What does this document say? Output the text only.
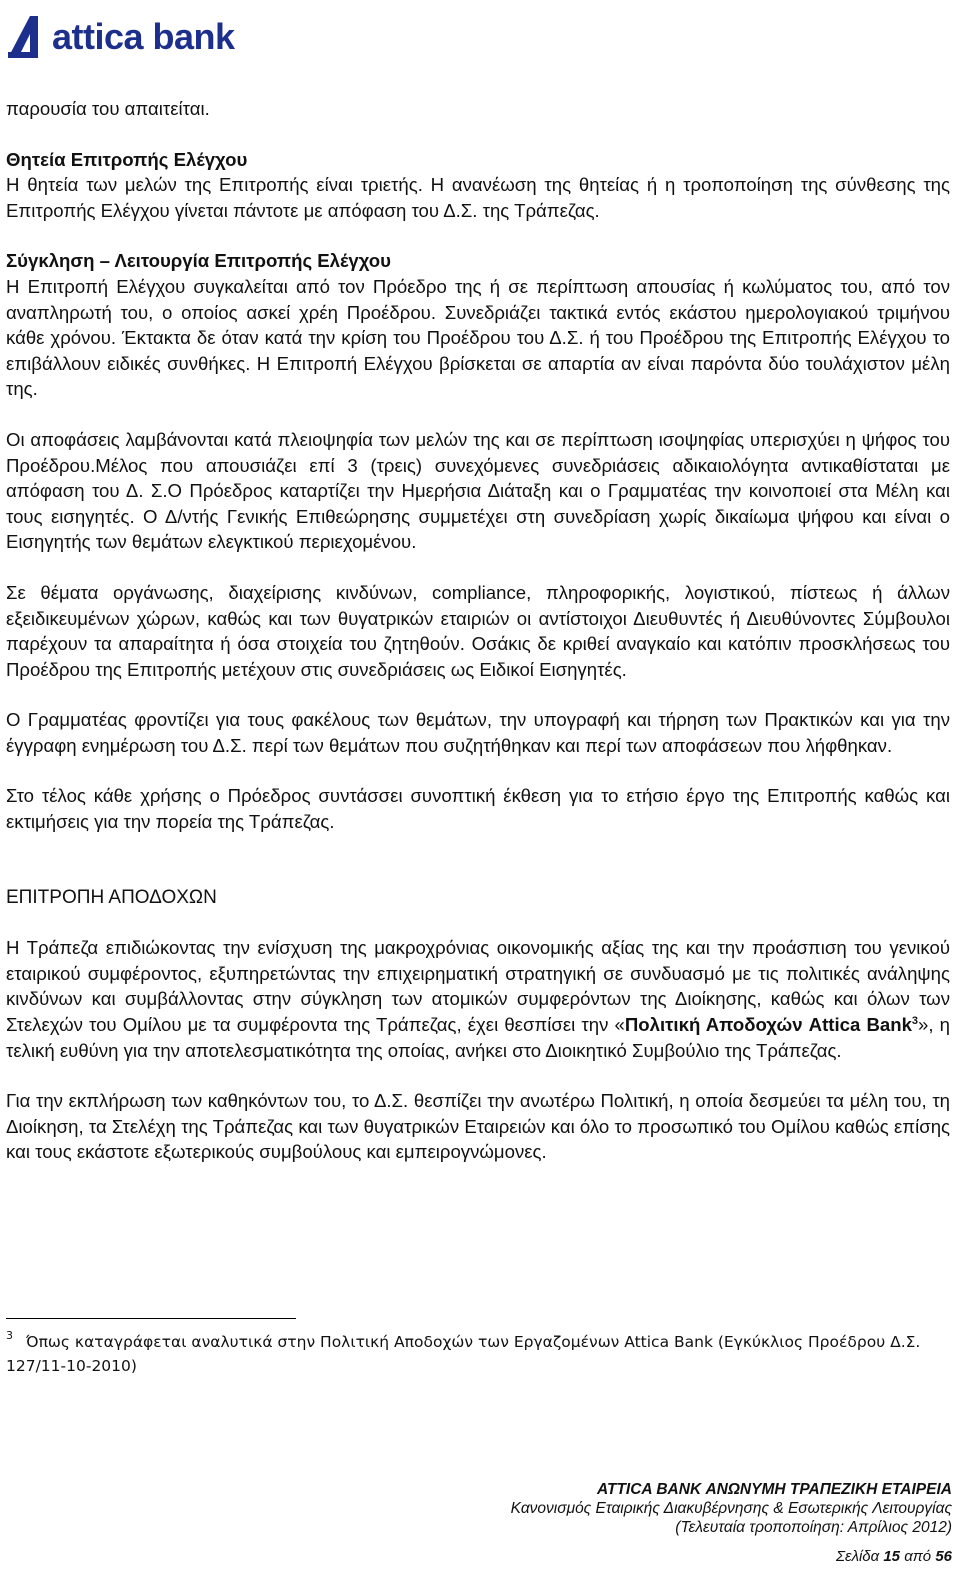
attica bank

παρουσία του απαιτείται.

Θητεία Επιτροπής Ελέγχου

Η θητεία των μελών της Επιτροπής είναι τριετής. Η ανανέωση της θητείας ή η τροποποίηση της σύνθεσης της Επιτροπής Ελέγχου γίνεται πάντοτε με απόφαση του Δ.Σ. της Τράπεζας.

Σύγκληση – Λειτουργία Επιτροπής Ελέγχου

Η Επιτροπή Ελέγχου συγκαλείται από τον Πρόεδρο της ή σε περίπτωση απουσίας ή κωλύματος του, από τον αναπληρωτή του, ο οποίος ασκεί χρέη Προέδρου. Συνεδριάζει τακτικά εντός εκάστου ημερολογιακού τριμήνου κάθε χρόνου. Έκτακτα δε όταν κατά την κρίση του Προέδρου του Δ.Σ. ή του Προέδρου της Επιτροπής Ελέγχου το επιβάλλουν ειδικές συνθήκες. Η Επιτροπή Ελέγχου βρίσκεται σε απαρτία αν είναι παρόντα δύο τουλάχιστον μέλη της.

Οι αποφάσεις λαμβάνονται κατά πλειοψηφία των μελών της και σε περίπτωση ισοψηφίας υπερισχύει η ψήφος του Προέδρου.Μέλος που απουσιάζει επί 3 (τρεις) συνεχόμενες συνεδριάσεις αδικαιολόγητα αντικαθίσταται με απόφαση του Δ. Σ.Ο Πρόεδρος καταρτίζει την Ημερήσια Διάταξη και ο Γραμματέας την κοινοποιεί στα Μέλη και τους εισηγητές. Ο Δ/ντής Γενικής Επιθεώρησης συμμετέχει στη συνεδρίαση χωρίς δικαίωμα ψήφου και είναι ο Εισηγητής των θεμάτων ελεγκτικού περιεχομένου.

Σε θέματα οργάνωσης, διαχείρισης κινδύνων, compliance, πληροφορικής, λογιστικού, πίστεως ή άλλων εξειδικευμένων χώρων, καθώς και των θυγατρικών εταιριών οι αντίστοιχοι Διευθυντές ή Διευθύνοντες Σύμβουλοι παρέχουν τα απαραίτητα ή όσα στοιχεία του ζητηθούν. Οσάκις δε κριθεί αναγκαίο και κατόπιν προσκλήσεως του Προέδρου της Επιτροπής μετέχουν στις συνεδριάσεις ως Ειδικοί Εισηγητές.

Ο Γραμματέας φροντίζει για τους φακέλους των θεμάτων, την υπογραφή και τήρηση των Πρακτικών και για την έγγραφη ενημέρωση του Δ.Σ. περί των θεμάτων που συζητήθηκαν και περί των αποφάσεων που λήφθηκαν.

Στο τέλος κάθε χρήσης ο Πρόεδρος συντάσσει συνοπτική έκθεση για το ετήσιο έργο της Επιτροπής καθώς και εκτιμήσεις για την πορεία της Τράπεζας.

ΕΠΙΤΡΟΠΗ ΑΠΟΔΟΧΩΝ

Η Τράπεζα επιδιώκοντας την ενίσχυση της μακροχρόνιας οικονομικής αξίας της και την προάσπιση του γενικού εταιρικού συμφέροντος, εξυπηρετώντας την επιχειρηματική στρατηγική σε συνδυασμό με τις πολιτικές ανάληψης κινδύνων και συμβάλλοντας στην σύγκληση των ατομικών συμφερόντων της Διοίκησης, καθώς και όλων των Στελεχών του Ομίλου με τα συμφέροντα της Τράπεζας, έχει θεσπίσει την «Πολιτική Αποδοχών Attica Bank$^3$», η τελική ευθύνη για την αποτελεσματικότητα της οποίας, ανήκει στο Διοικητικό Συμβούλιο της Τράπεζας.

Για την εκπλήρωση των καθηκόντων του, το Δ.Σ. θεσπίζει την ανωτέρω Πολιτική, η οποία δεσμεύει τα μέλη του, τη Διοίκηση, τα Στελέχη της Τράπεζας και των θυγατρικών Εταιρειών και όλο το προσωπικό του Ομίλου καθώς επίσης και τους εκάστοτε εξωτερικούς συμβούλους και εμπειρογνώμονες.

3 Όπως καταγράφεται αναλυτικά στην Πολιτική Αποδοχών των Εργαζομένων Attica Bank (Εγκύκλιος Προέδρου Δ.Σ. 127/11-10-2010)
ATTICA BANK ΑΝΩΝΥΜΗ ΤΡΑΠΕΖΙΚΗ ΕΤΑΙΡΕΙΑ
Κανονισμός Εταιρικής Διακυβέρνησης & Εσωτερικής Λειτουργίας
(Τελευταία τροποποίηση: Απρίλιος 2012)
Σελίδα 15 από 56
